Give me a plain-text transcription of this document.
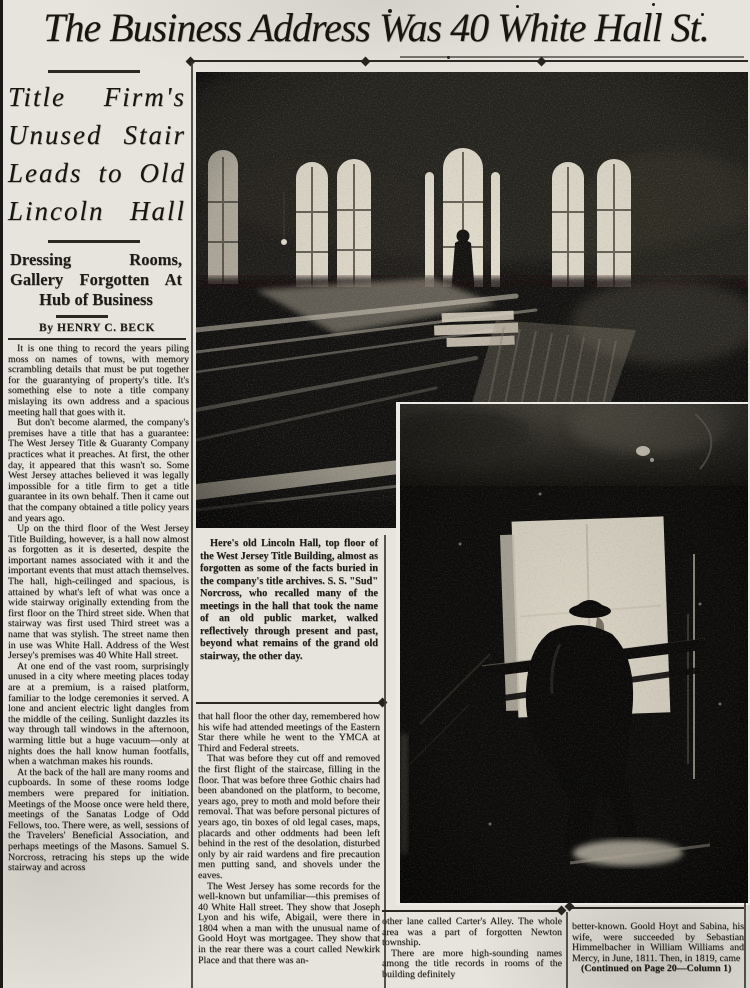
The Business Address Was 40 White Hall St.
Title Firm's
Unused Stair
Leads to Old
Lincoln Hall
Dressing Rooms, Gallery Forgotten At Hub of Business
By HENRY C. BECK

It is one thing to record the years piling moss on names of towns, with memory scrambling details that must be put together for the guarantying of property's title. It's something else to note a title company mislaying its own address and a spacious meeting hall that goes with it.

But don't become alarmed, the company's premises have a title that has a guarantee: The West Jersey Title & Guaranty Company practices what it preaches. At first, the other day, it appeared that this wasn't so. Some West Jersey attaches believed it was legally impossible for a title firm to get a title guarantee in its own behalf. Then it came out that the company obtained a title policy years and years ago.

Up on the third floor of the West Jersey Title Building, however, is a hall now almost as forgotten as it is deserted, despite the important names associated with it and the important events that must attach themselves. The hall, high-ceilinged and spacious, is attained by what's left of what was once a wide stairway originally extending from the first floor on the Third street side. When that stairway was first used Third street was a name that was stylish. The street name then in use was White Hall. Address of the West Jersey's premises was 40 White Hall street.

At one end of the vast room, surprisingly unused in a city where meeting places today are at a premium, is a raised platform, familiar to the lodge ceremonies it served. A lone and ancient electric light dangles from the middle of the ceiling. Sunlight dazzles its way through tall windows in the afternoon, warming little but a huge vacuum—only at nights does the hall know human footfalls, when a watchman makes his rounds.

At the back of the hall are many rooms and cupboards. In some of these rooms lodge members were prepared for initiation. Meetings of the Moose once were held there, meetings of the Sanatas Lodge of Odd Fellows, too. There were, as well, sessions of the Travelers' Beneficial Association, and perhaps meetings of the Masons. Samuel S. Norcross, retracing his steps up the wide stairway and across

Here's old Lincoln Hall, top floor of the West Jersey Title Building, almost as forgotten as some of the facts buried in the company's title archives. S. S. "Sud" Norcross, who recalled many of the meetings in the hall that took the name of an old public market, walked reflectively through present and past, beyond what remains of the grand old stairway, the other day.

that hall floor the other day, remembered how his wife had attended meetings of the Eastern Star there while he went to the YMCA at Third and Federal streets.

That was before they cut off and removed the first flight of the staircase, filling in the floor. That was before three Gothic chairs had been abandoned on the platform, to become, years ago, prey to moth and mold before their removal. That was before personal pictures of years ago, tin boxes of old legal cases, maps, placards and other oddments had been left behind in the rest of the desolation, disturbed only by air raid wardens and fire precaution men putting sand, and shovels under the eaves.

The West Jersey has some records for the well-known but unfamiliar—this premises of 40 White Hall street. They show that Joseph Lyon and his wife, Abigail, were there in 1804 when a man with the unusual name of Goold Hoyt was mortgagee. They show that in the rear there was a court called Newkirk Place and that there was an-

other lane called Carter's Alley. The whole area was a part of forgotten Newton township.

There are more high-sounding names among the title records in rooms of the building definitely

better-known. Goold Hoyt and Sabina, his wife, were succeeded by Sebastian Himmelbacher in William Williams and Mercy, in June, 1811. Then, in 1819, came

(Continued on Page 20—Column 1)
